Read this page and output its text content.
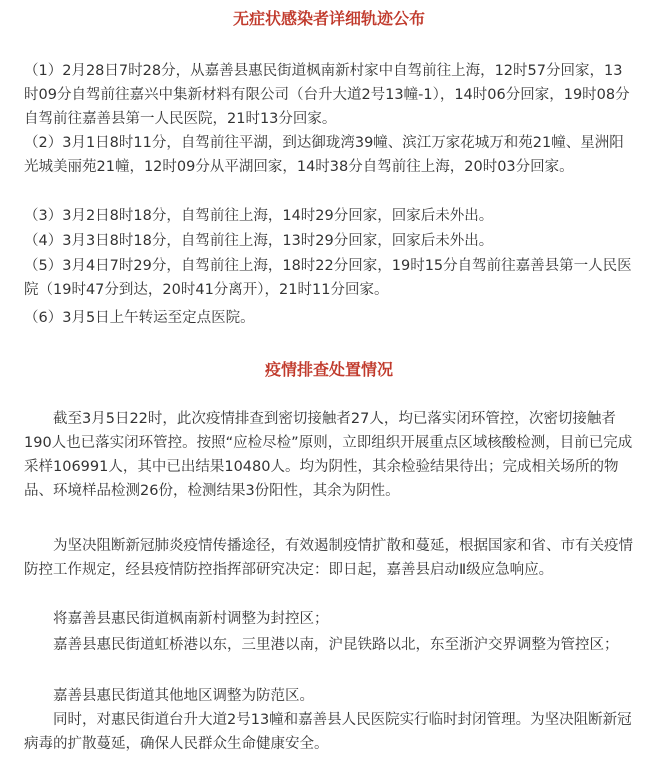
无症状感染者详细轨迹公布
（1）2月28日7时28分，从嘉善县惠民街道枫南新村家中自驾前往上海，12时57分回家，13时09分自驾前往嘉兴中集新材料有限公司（台升大道2号13幢-1），14时06分回家，19时08分自驾前往嘉善县第一人民医院，21时13分回家。
（2）3月1日8时11分，自驾前往平湖，到达御珑湾39幢、滨江万家花城万和苑21幢、星洲阳光城美丽苑21幢，12时09分从平湖回家，14时38分自驾前往上海，20时03分回家。
（3）3月2日8时18分，自驾前往上海，14时29分回家，回家后未外出。
（4）3月3日8时18分，自驾前往上海，13时29分回家，回家后未外出。
（5）3月4日7时29分，自驾前往上海，18时22分回家，19时15分自驾前往嘉善县第一人民医院（19时47分到达，20时41分离开），21时11分回家。
（6）3月5日上午转运至定点医院。
疫情排查处置情况
截至3月5日22时，此次疫情排查到密切接触者27人，均已落实闭环管控，次密切接触者190人也已落实闭环管控。按照“应检尽检”原则，立即组织开展重点区域核酸检测，目前已完成采样106991人，其中已出结果10480人。均为阴性，其余检验结果待出；完成相关场所的物品、环境样品检测26份，检测结果3份阳性，其余为阴性。
为坚决阻断新冠肺炎疫情传播途径，有效遏制疫情扩散和蔓延，根据国家和省、市有关疫情防控工作规定，经县疫情防控指挥部研究决定：即日起，嘉善县启动Ⅱ级应急响应。
将嘉善县惠民街道枫南新村调整为封控区；
嘉善县惠民街道虹桥港以东，三里港以南，沪昆铁路以北，东至浙沪交界调整为管控区；
嘉善县惠民街道其他地区调整为防范区。
同时，对惠民街道台升大道2号13幢和嘉善县人民医院实行临时封闭管理。为坚决阻断新冠病毒的扩散蔓延，确保人民群众生命健康安全。
